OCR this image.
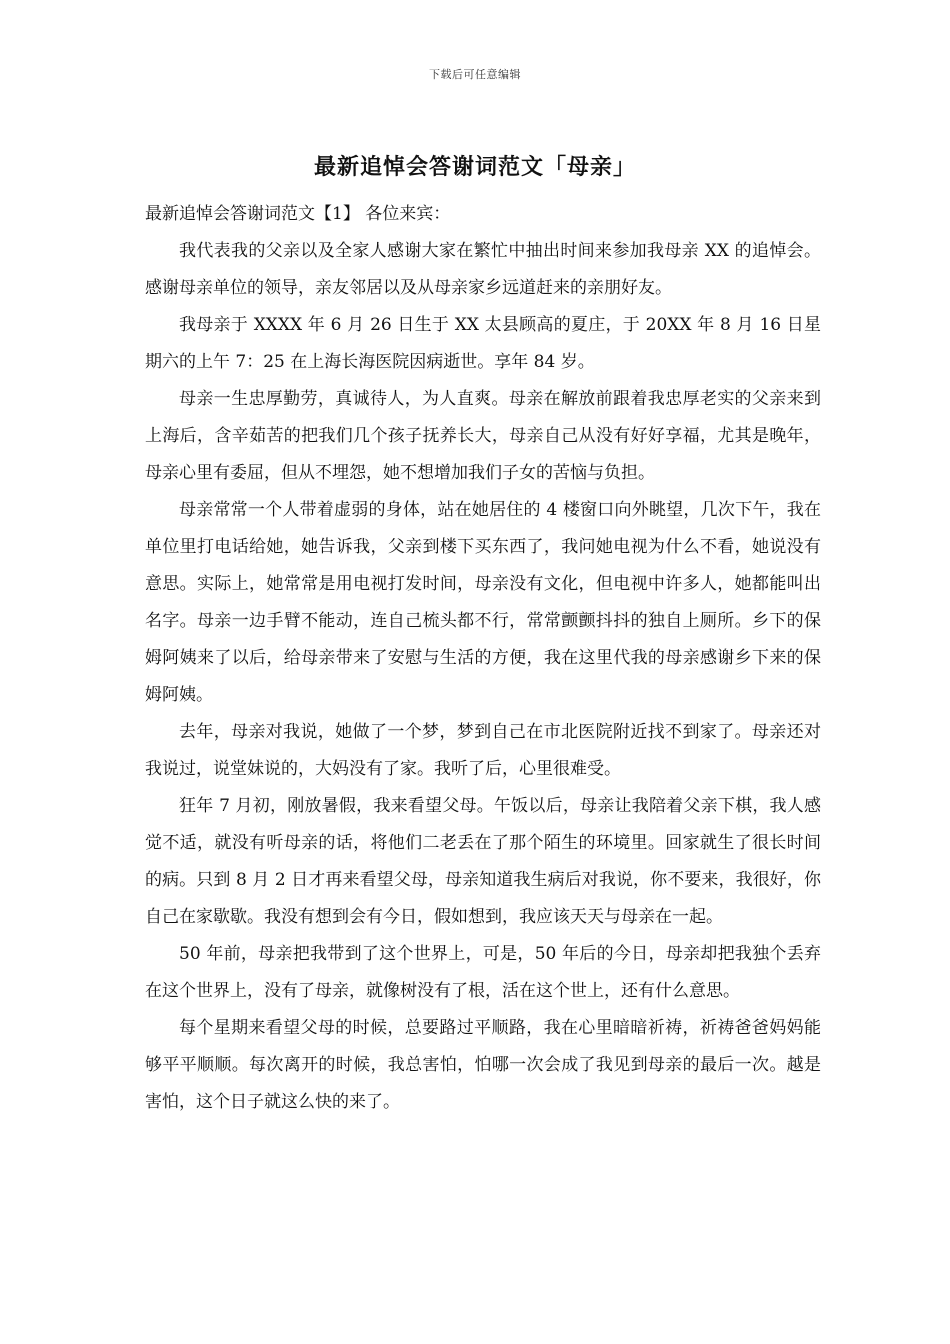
下载后可任意编辑
最新追悼会答谢词范文「母亲」

最新追悼会答谢词范文【1】 各位来宾：

我代表我的父亲以及全家人感谢大家在繁忙中抽出时间来参加我母亲 XX 的追悼会。感谢母亲单位的领导，亲友邻居以及从母亲家乡远道赶来的亲朋好友。

我母亲于 XXXX 年 6 月 26 日生于 XX 太县顾高的夏庄，于 20XX 年 8 月 16 日星期六的上午 7：25 在上海长海医院因病逝世。享年 84 岁。

母亲一生忠厚勤劳，真诚待人，为人直爽。母亲在解放前跟着我忠厚老实的父亲来到上海后，含辛茹苦的把我们几个孩子抚养长大，母亲自己从没有好好享福，尤其是晚年，母亲心里有委屈，但从不埋怨，她不想增加我们子女的苦恼与负担。

母亲常常一个人带着虚弱的身体，站在她居住的 4 楼窗口向外眺望，几次下午，我在单位里打电话给她，她告诉我，父亲到楼下买东西了，我问她电视为什么不看，她说没有意思。实际上，她常常是用电视打发时间，母亲没有文化，但电视中许多人，她都能叫出名字。母亲一边手臂不能动，连自己梳头都不行，常常颤颤抖抖的独自上厕所。乡下的保姆阿姨来了以后，给母亲带来了安慰与生活的方便，我在这里代我的母亲感谢乡下来的保姆阿姨。

去年，母亲对我说，她做了一个梦，梦到自己在市北医院附近找不到家了。母亲还对我说过，说堂妹说的，大妈没有了家。我听了后，心里很难受。

狂年 7 月初，刚放暑假，我来看望父母。午饭以后，母亲让我陪着父亲下棋，我人感觉不适，就没有听母亲的话，将他们二老丢在了那个陌生的环境里。回家就生了很长时间的病。只到 8 月 2 日才再来看望父母，母亲知道我生病后对我说，你不要来，我很好，你自己在家歇歇。我没有想到会有今日，假如想到，我应该天天与母亲在一起。

50 年前，母亲把我带到了这个世界上，可是，50 年后的今日，母亲却把我独个丢弃在这个世界上，没有了母亲，就像树没有了根，活在这个世上，还有什么意思。

每个星期来看望父母的时候，总要路过平顺路，我在心里暗暗祈祷，祈祷爸爸妈妈能够平平顺顺。每次离开的时候，我总害怕，怕哪一次会成了我见到母亲的最后一次。越是害怕，这个日子就这么快的来了。
